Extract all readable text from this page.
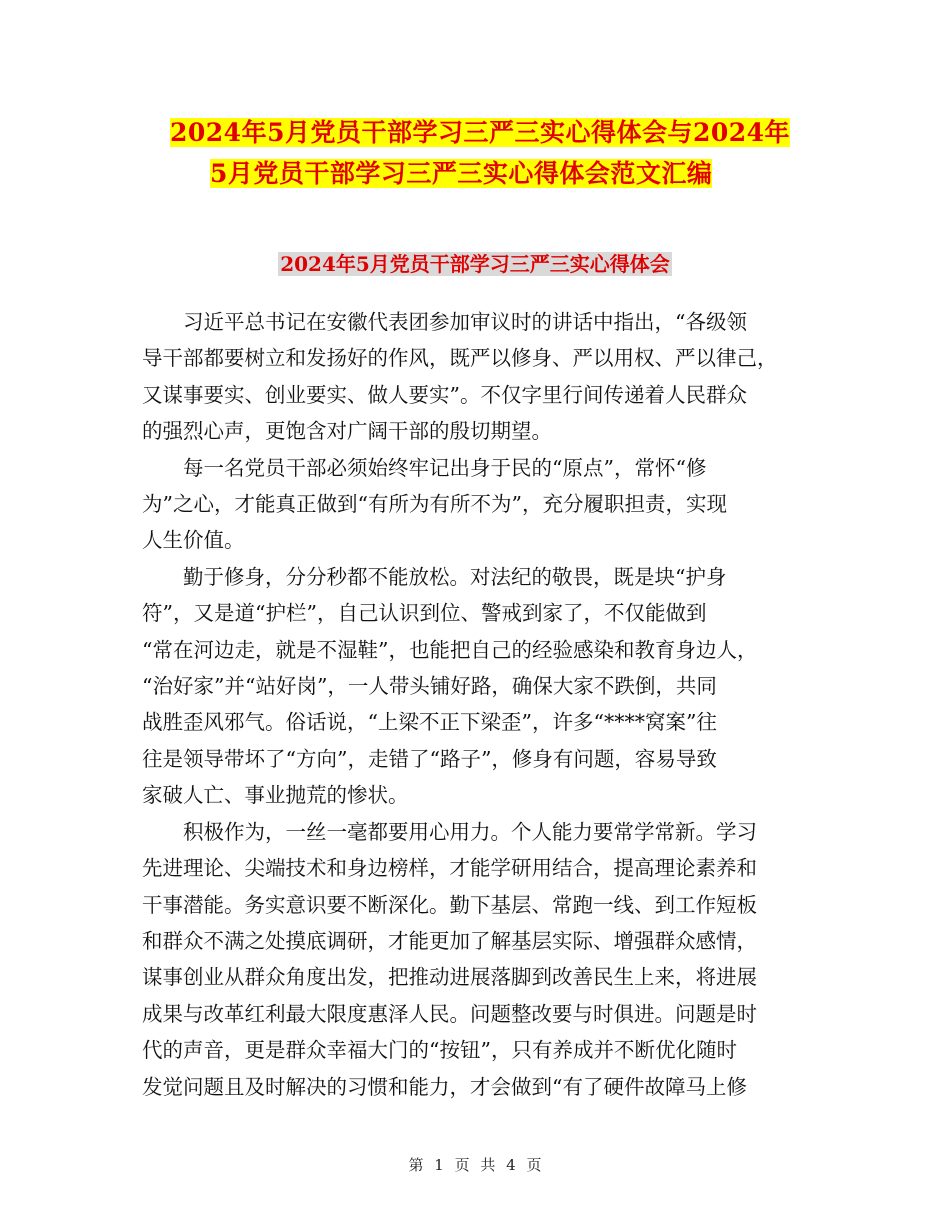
2024年5月党员干部学习三严三实心得体会与2024年
5月党员干部学习三严三实心得体会范文汇编
2024年5月党员干部学习三严三实心得体会

习近平总书记在安徽代表团参加审议时的讲话中指出，“各级领
导干部都要树立和发扬好的作风，既严以修身、严以用权、严以律己，
又谋事要实、创业要实、做人要实”。不仅字里行间传递着人民群众
的强烈心声，更饱含对广阔干部的殷切期望。

每一名党员干部必须始终牢记出身于民的“原点”，常怀“修
为”之心，才能真正做到“有所为有所不为”，充分履职担责，实现
人生价值。

勤于修身，分分秒都不能放松。对法纪的敬畏，既是块“护身
符”，又是道“护栏”，自己认识到位、警戒到家了，不仅能做到
“常在河边走，就是不湿鞋”，也能把自己的经验感染和教育身边人，
“治好家”并“站好岗”，一人带头铺好路，确保大家不跌倒，共同
战胜歪风邪气。俗话说，“上梁不正下梁歪”，许多“****窝案”往
往是领导带坏了“方向”，走错了“路子”，修身有问题，容易导致
家破人亡、事业抛荒的惨状。

积极作为，一丝一毫都要用心用力。个人能力要常学常新。学习
先进理论、尖端技术和身边榜样，才能学研用结合，提高理论素养和
干事潜能。务实意识要不断深化。勤下基层、常跑一线、到工作短板
和群众不满之处摸底调研，才能更加了解基层实际、增强群众感情，
谋事创业从群众角度出发，把推动进展落脚到改善民生上来，将进展
成果与改革红利最大限度惠泽人民。问题整改要与时俱进。问题是时
代的声音，更是群众幸福大门的“按钮”，只有养成并不断优化随时
发觉问题且及时解决的习惯和能力，才会做到“有了硬件故障马上修

第 1 页 共 4 页
